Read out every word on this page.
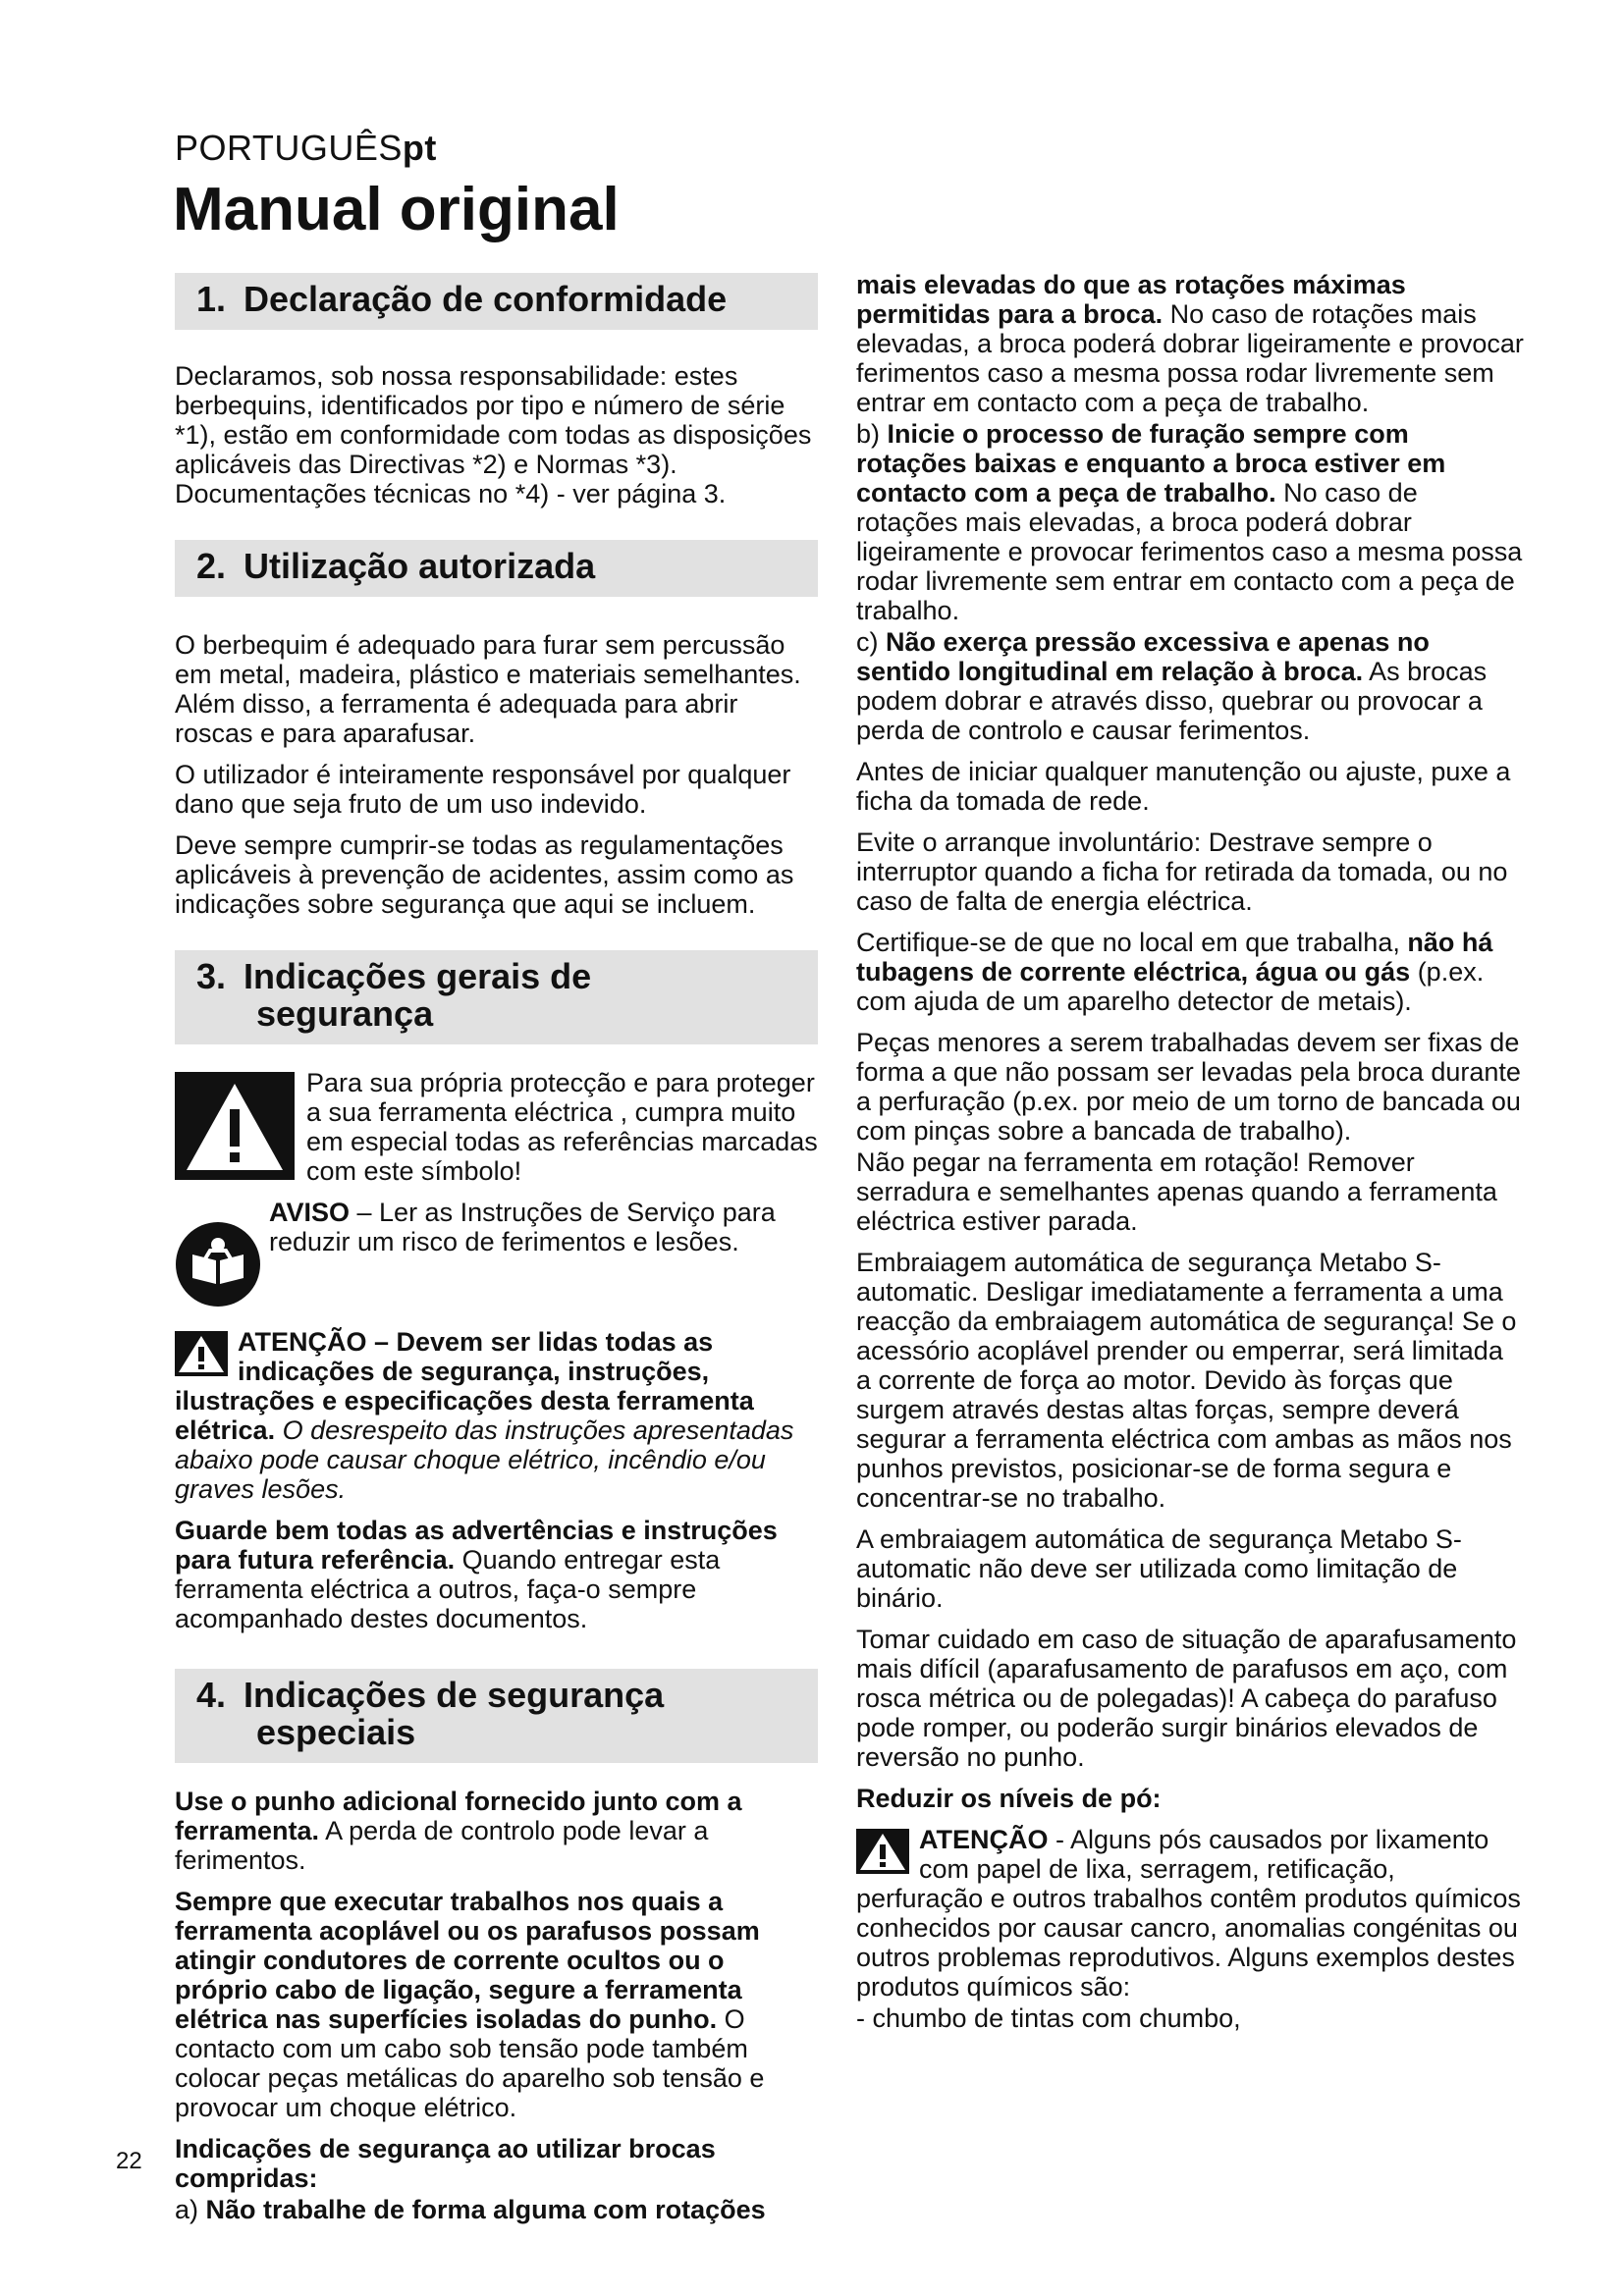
PORTUGUÊSpt
Manual original
1. Declaração de conformidade

Declaramos, sob nossa responsabilidade: estes berbequins, identificados por tipo e número de série *1), estão em conformidade com todas as disposições aplicáveis das Directivas *2) e Normas *3). Documentações técnicas no *4) - ver página 3.

2. Utilização autorizada

O berbequim é adequado para furar sem percussão em metal, madeira, plástico e materiais semelhantes. Além disso, a ferramenta é adequada para abrir roscas e para aparafusar.

O utilizador é inteiramente responsável por qualquer dano que seja fruto de um uso indevido.

Deve sempre cumprir-se todas as regulamentações aplicáveis à prevenção de acidentes, assim como as indicações sobre segurança que aqui se incluem.

3. Indicações gerais de
segurança

Para sua própria protecção e para proteger a sua ferramenta eléctrica , cumpra muito em especial todas as referências marcadas com este símbolo!

AVISO – Ler as Instruções de Serviço para reduzir um risco de ferimentos e lesões.

ATENÇÃO – Devem ser lidas todas as indicações de segurança, instruções, ilustrações e especificações desta ferramenta elétrica. O desrespeito das instruções apresentadas abaixo pode causar choque elétrico, incêndio e/ou graves lesões.

Guarde bem todas as advertências e instruções para futura referência. Quando entregar esta ferramenta eléctrica a outros, faça-o sempre acompanhado destes documentos.

4. Indicações de segurança
especiais

Use o punho adicional fornecido junto com a ferramenta. A perda de controlo pode levar a ferimentos.

Sempre que executar trabalhos nos quais a ferramenta acoplável ou os parafusos possam atingir condutores de corrente ocultos ou o próprio cabo de ligação, segure a ferramenta elétrica nas superfícies isoladas do punho. O contacto com um cabo sob tensão pode também colocar peças metálicas do aparelho sob tensão e provocar um choque elétrico.

Indicações de segurança ao utilizar brocas compridas:

a) Não trabalhe de forma alguma com rotações

mais elevadas do que as rotações máximas permitidas para a broca. No caso de rotações mais elevadas, a broca poderá dobrar ligeiramente e provocar ferimentos caso a mesma possa rodar livremente sem entrar em contacto com a peça de trabalho.

b) Inicie o processo de furação sempre com rotações baixas e enquanto a broca estiver em contacto com a peça de trabalho. No caso de rotações mais elevadas, a broca poderá dobrar ligeiramente e provocar ferimentos caso a mesma possa rodar livremente sem entrar em contacto com a peça de trabalho.

c) Não exerça pressão excessiva e apenas no sentido longitudinal em relação à broca. As brocas podem dobrar e através disso, quebrar ou provocar a perda de controlo e causar ferimentos.

Antes de iniciar qualquer manutenção ou ajuste, puxe a ficha da tomada de rede.

Evite o arranque involuntário: Destrave sempre o interruptor quando a ficha for retirada da tomada, ou no caso de falta de energia eléctrica.

Certifique-se de que no local em que trabalha, não há tubagens de corrente eléctrica, água ou gás (p.ex. com ajuda de um aparelho detector de metais).

Peças menores a serem trabalhadas devem ser fixas de forma a que não possam ser levadas pela broca durante a perfuração (p.ex. por meio de um torno de bancada ou com pinças sobre a bancada de trabalho).

Não pegar na ferramenta em rotação! Remover serradura e semelhantes apenas quando a ferramenta eléctrica estiver parada.

Embraiagem automática de segurança Metabo S-automatic. Desligar imediatamente a ferramenta a uma reacção da embraiagem automática de segurança! Se o acessório acoplável prender ou emperrar, será limitada a corrente de força ao motor. Devido às forças que surgem através destas altas forças, sempre deverá segurar a ferramenta eléctrica com ambas as mãos nos punhos previstos, posicionar-se de forma segura e concentrar-se no trabalho.

A embraiagem automática de segurança Metabo S-automatic não deve ser utilizada como limitação de binário.

Tomar cuidado em caso de situação de aparafusamento mais difícil (aparafusamento de parafusos em aço, com rosca métrica ou de polegadas)! A cabeça do parafuso pode romper, ou poderão surgir binários elevados de reversão no punho.

Reduzir os níveis de pó:

ATENÇÃO - Alguns pós causados por lixamento com papel de lixa, serragem, retificação, perfuração e outros trabalhos contêm produtos químicos conhecidos por causar cancro, anomalias congénitas ou outros problemas reprodutivos. Alguns exemplos destes produtos químicos são:

- chumbo de tintas com chumbo,

22
